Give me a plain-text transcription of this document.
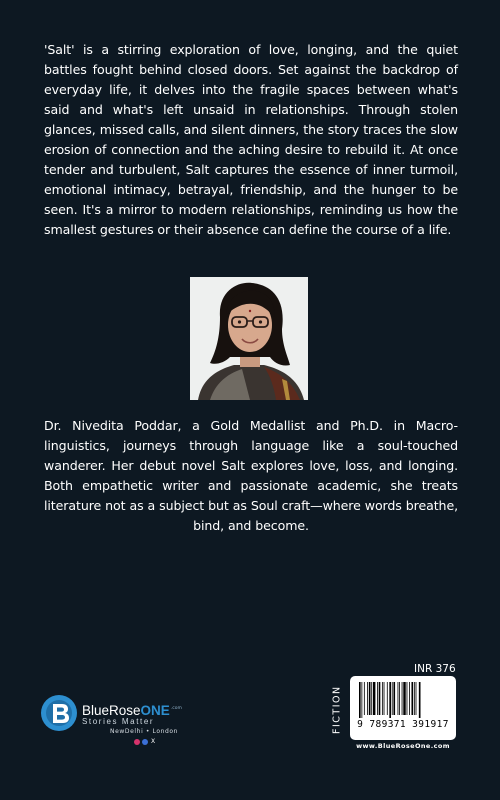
'Salt' is a stirring exploration of love, longing, and the quiet battles fought behind closed doors. Set against the backdrop of everyday life, it delves into the fragile spaces between what's said and what's left unsaid in relationships. Through stolen glances, missed calls, and silent dinners, the story traces the slow erosion of connection and the aching desire to rebuild it. At once tender and turbulent, Salt captures the essence of inner turmoil, emotional intimacy, betrayal, friendship, and the hunger to be seen. It's a mirror to modern relationships, reminding us how the smallest gestures or their absence can define the course of a life.
Dr. Nivedita Poddar, a Gold Medallist and Ph.D. in Macro-linguistics, journeys through language like a soul-touched wanderer. Her debut novel Salt explores love, loss, and longing. Both empathetic writer and passionate academic, she treats literature not as a subject but as Soul craft—where words breathe, bind, and become.
INR 376
FICTION	9 789371 391917
www.BlueRoseOne.com
BlueRoseONE$^{.com}$
Stories Matter
NewDelhi • London
X
